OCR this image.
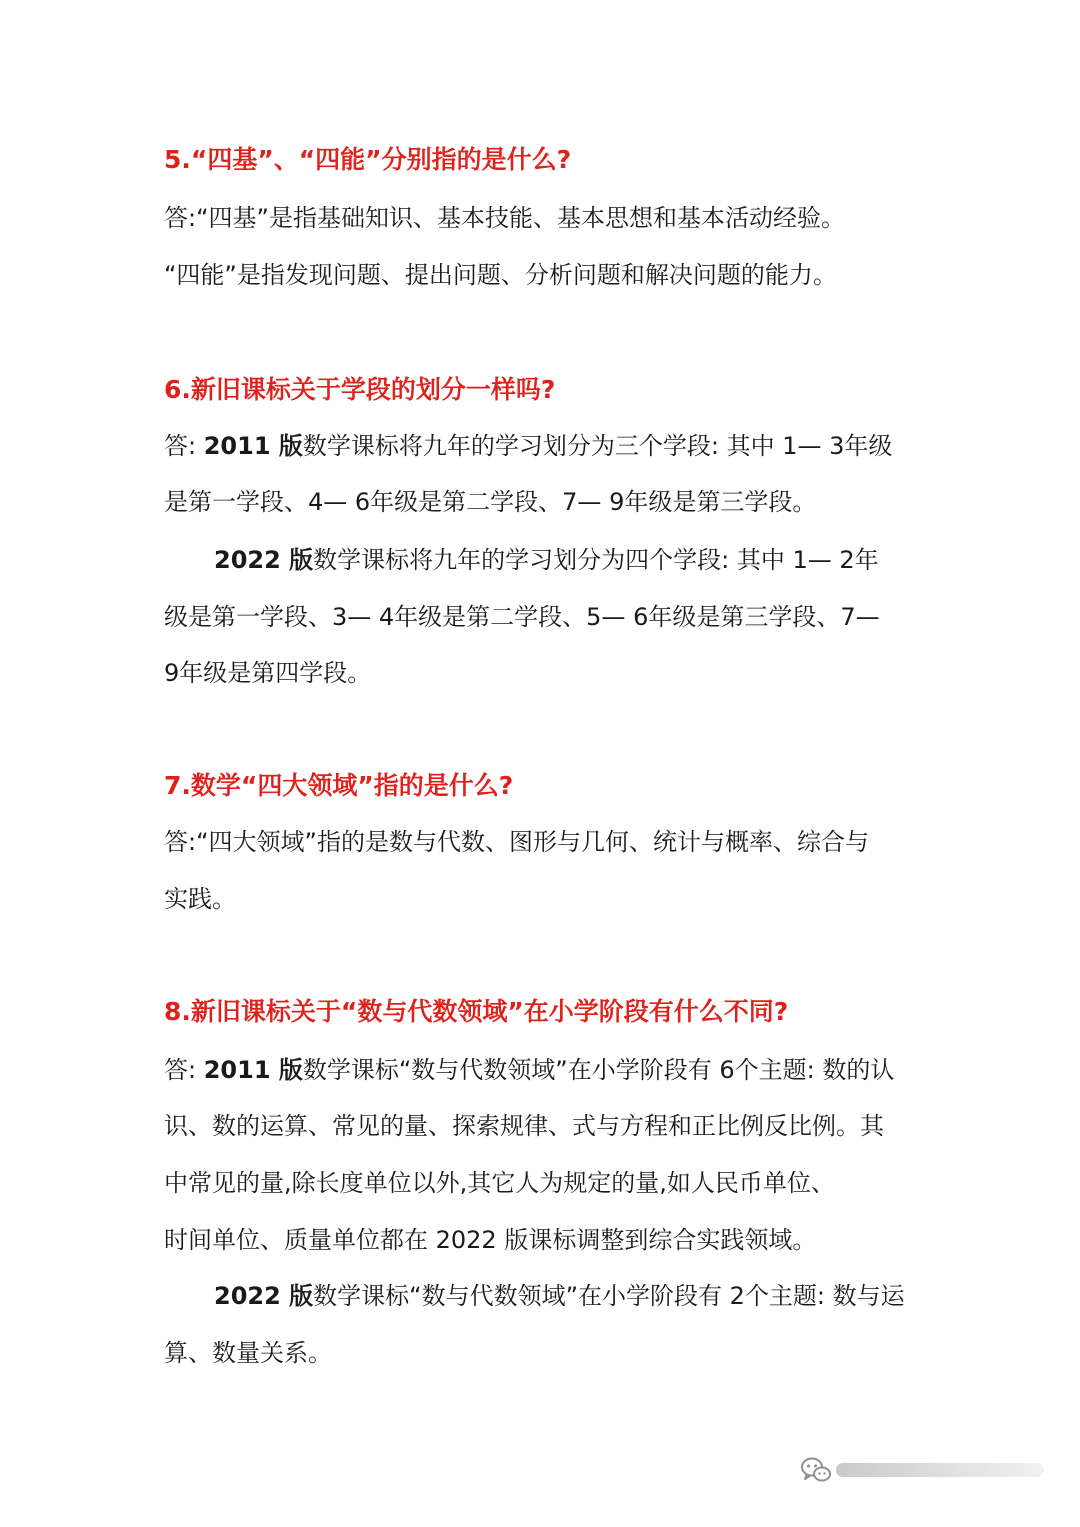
5.“四基”、“四能”分别指的是什么?

答:“四基”是指基础知识、基本技能、基本思想和基本活动经验。

“四能”是指发现问题、提出问题、分析问题和解决问题的能力。

6.新旧课标关于学段的划分一样吗?

答: 2011 版数学课标将九年的学习划分为三个学段: 其中 1— 3年级

是第一学段、4— 6年级是第二学段、7— 9年级是第三学段。

2022 版数学课标将九年的学习划分为四个学段: 其中 1— 2年

级是第一学段、3— 4年级是第二学段、5— 6年级是第三学段、7—

9年级是第四学段。

7.数学“四大领域”指的是什么?

答:“四大领域”指的是数与代数、图形与几何、统计与概率、综合与

实践。

8.新旧课标关于“数与代数领域”在小学阶段有什么不同?

答: 2011 版数学课标“数与代数领域”在小学阶段有 6个主题: 数的认

识、数的运算、常见的量、探索规律、式与方程和正比例反比例。其

中常见的量,除长度单位以外,其它人为规定的量,如人民币单位、

时间单位、质量单位都在 2022 版课标调整到综合实践领域。

2022 版数学课标“数与代数领域”在小学阶段有 2个主题: 数与运

算、数量关系。
